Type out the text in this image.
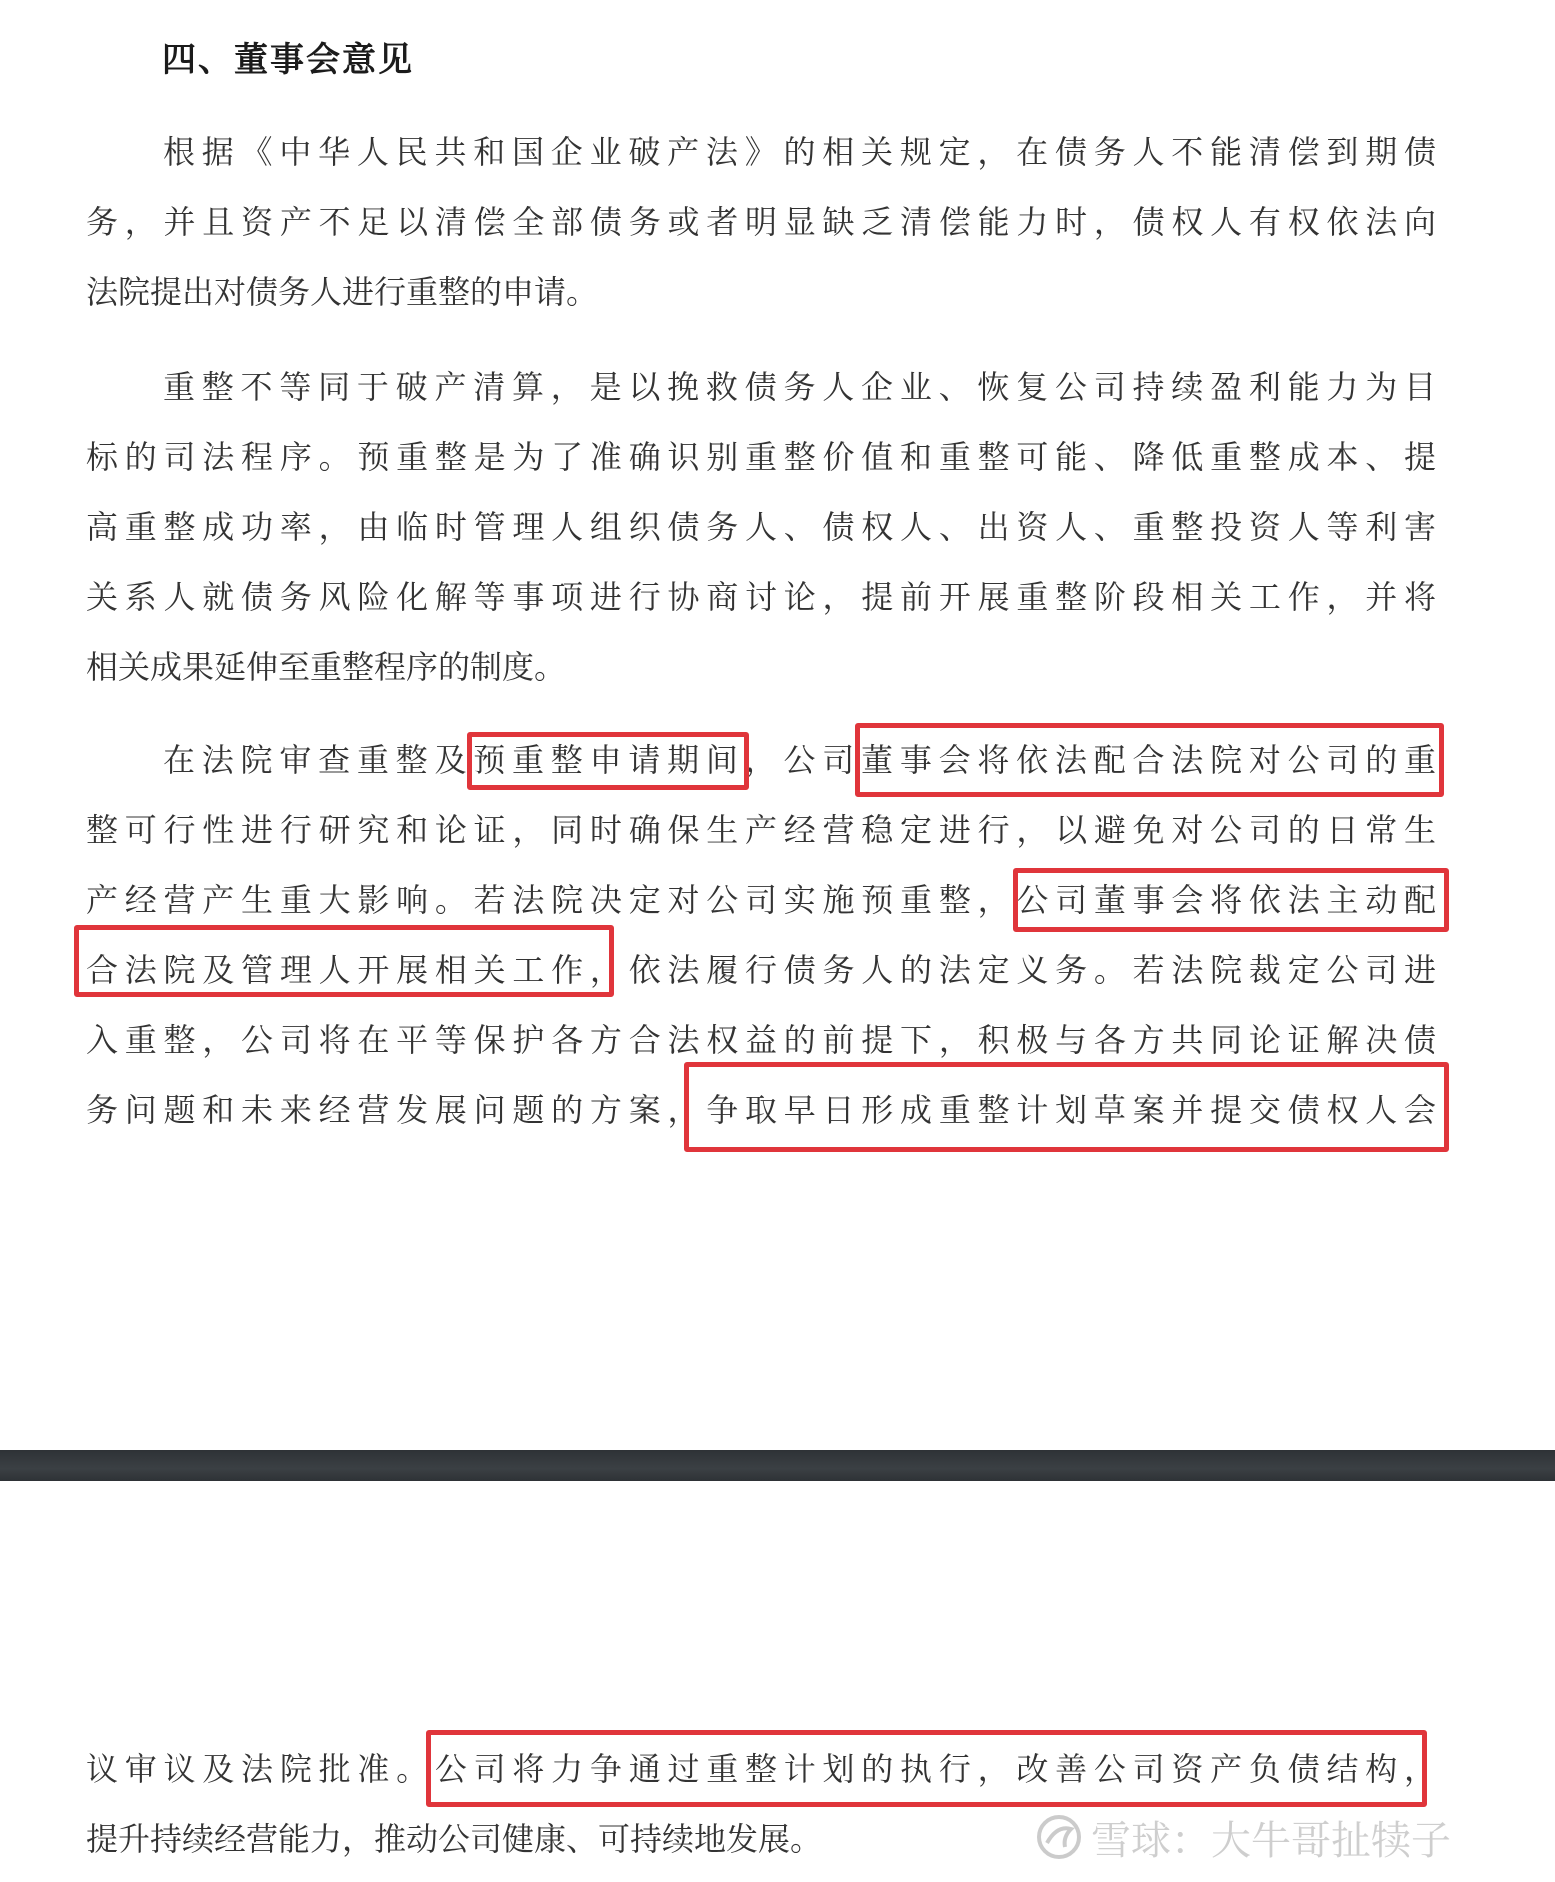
四、董事会意见
根据《中华人民共和国企业破产法》的相关规定，在债务人不能清偿到期债
务，并且资产不足以清偿全部债务或者明显缺乏清偿能力时，债权人有权依法向
法院提出对债务人进行重整的申请。
重整不等同于破产清算，是以挽救债务人企业、恢复公司持续盈利能力为目
标的司法程序。预重整是为了准确识别重整价值和重整可能、降低重整成本、提
高重整成功率，由临时管理人组织债务人、债权人、出资人、重整投资人等利害
关系人就债务风险化解等事项进行协商讨论，提前开展重整阶段相关工作，并将
相关成果延伸至重整程序的制度。
在法院审查重整及预重整申请期间，公司董事会将依法配合法院对公司的重
整可行性进行研究和论证，同时确保生产经营稳定进行，以避免对公司的日常生
产经营产生重大影响。若法院决定对公司实施预重整，公司董事会将依法主动配
合法院及管理人开展相关工作，依法履行债务人的法定义务。若法院裁定公司进
入重整，公司将在平等保护各方合法权益的前提下，积极与各方共同论证解决债
务问题和未来经营发展问题的方案，争取早日形成重整计划草案并提交债权人会
议审议及法院批准。公司将力争通过重整计划的执行，改善公司资产负债结构，
提升持续经营能力，推动公司健康、可持续地发展。	雪球：大牛哥扯犊子
